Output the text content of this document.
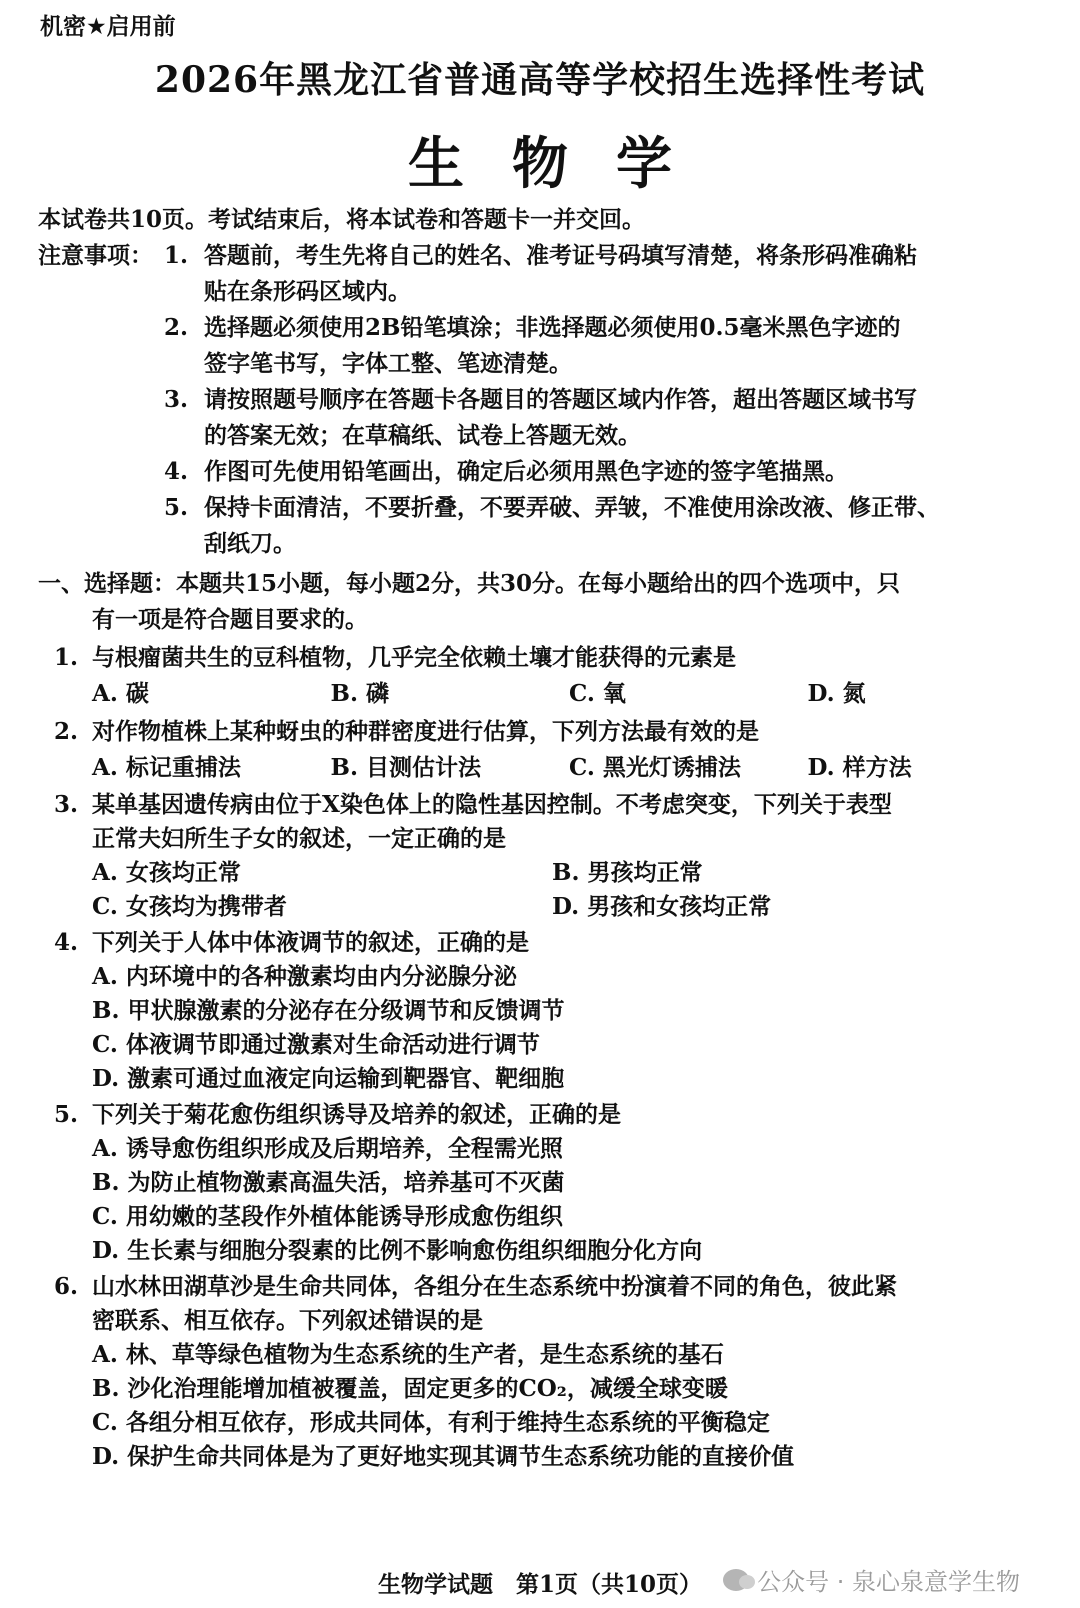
机密★启用前
2026年黑龙江省普通高等学校招生选择性考试
生物学
本试卷共10页。考试结束后，将本试卷和答题卡一并交回。
注意事项： 1. 答题前，考生先将自己的姓名、准考证号码填写清楚，将条形码准确粘
贴在条形码区域内。
2. 选择题必须使用2B铅笔填涂；非选择题必须使用0.5毫米黑色字迹的
签字笔书写，字体工整、笔迹清楚。
3. 请按照题号顺序在答题卡各题目的答题区域内作答，超出答题区域书写
的答案无效；在草稿纸、试卷上答题无效。
4. 作图可先使用铅笔画出，确定后必须用黑色字迹的签字笔描黑。
5. 保持卡面清洁，不要折叠，不要弄破、弄皱，不准使用涂改液、修正带、
刮纸刀。
一、选择题：本题共15小题，每小题2分，共30分。在每小题给出的四个选项中，只
有一项是符合题目要求的。
1. 与根瘤菌共生的豆科植物，几乎完全依赖土壤才能获得的元素是
A. 碳	B. 磷	C. 氧	D. 氮
2. 对作物植株上某种蚜虫的种群密度进行估算，下列方法最有效的是
A. 标记重捕法	B. 目测估计法	C. 黑光灯诱捕法	D. 样方法
3. 某单基因遗传病由位于X染色体上的隐性基因控制。不考虑突变，下列关于表型
正常夫妇所生子女的叙述，一定正确的是
A. 女孩均正常	B. 男孩均正常
C. 女孩均为携带者	D. 男孩和女孩均正常
4. 下列关于人体中体液调节的叙述，正确的是
A. 内环境中的各种激素均由内分泌腺分泌
B. 甲状腺激素的分泌存在分级调节和反馈调节
C. 体液调节即通过激素对生命活动进行调节
D. 激素可通过血液定向运输到靶器官、靶细胞
5. 下列关于菊花愈伤组织诱导及培养的叙述，正确的是
A. 诱导愈伤组织形成及后期培养，全程需光照
B. 为防止植物激素高温失活，培养基可不灭菌
C. 用幼嫩的茎段作外植体能诱导形成愈伤组织
D. 生长素与细胞分裂素的比例不影响愈伤组织细胞分化方向
6. 山水林田湖草沙是生命共同体，各组分在生态系统中扮演着不同的角色，彼此紧
密联系、相互依存。下列叙述错误的是
A. 林、草等绿色植物为生态系统的生产者，是生态系统的基石
B. 沙化治理能增加植被覆盖，固定更多的CO₂，减缓全球变暖
C. 各组分相互依存，形成共同体，有利于维持生态系统的平衡稳定
D. 保护生命共同体是为了更好地实现其调节生态系统功能的直接价值
生物学试题　第1页（共10页）	公众号 · 泉心泉意学生物
